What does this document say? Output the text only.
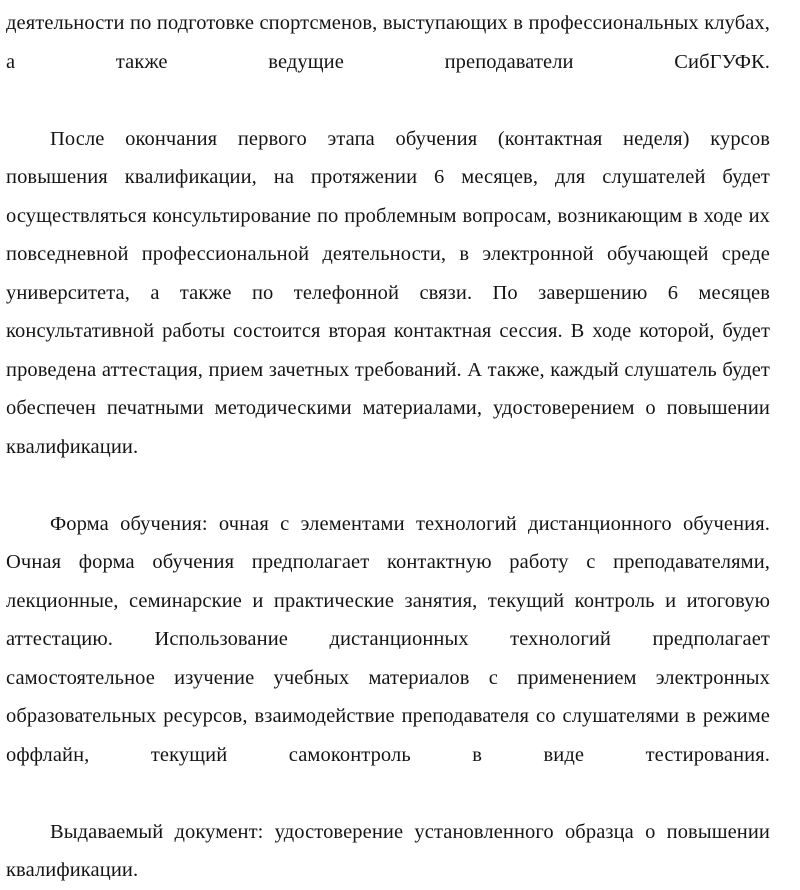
деятельности по подготовке спортсменов, выступающих в профессиональных клубах, а также ведущие преподаватели СибГУФК.

После окончания первого этапа обучения (контактная неделя) курсов повышения квалификации, на протяжении 6 месяцев, для слушателей будет осуществляться консультирование по проблемным вопросам, возникающим в ходе их повседневной профессиональной деятельности, в электронной обучающей среде университета, а также по телефонной связи. По завершению 6 месяцев консультативной работы состоится вторая контактная сессия. В ходе которой, будет проведена аттестация, прием зачетных требований. А также, каждый слушатель будет обеспечен печатными методическими материалами, удостоверением о повышении квалификации.

Форма обучения: очная с элементами технологий дистанционного обучения. Очная форма обучения предполагает контактную работу с преподавателями, лекционные, семинарские и практические занятия, текущий контроль и итоговую аттестацию. Использование дистанционных технологий предполагает самостоятельное изучение учебных материалов с применением электронных образовательных ресурсов, взаимодействие преподавателя со слушателями в режиме оффлайн, текущий самоконтроль в виде тестирования.

Выдаваемый документ: удостоверение установленного образца о повышении квалификации.
